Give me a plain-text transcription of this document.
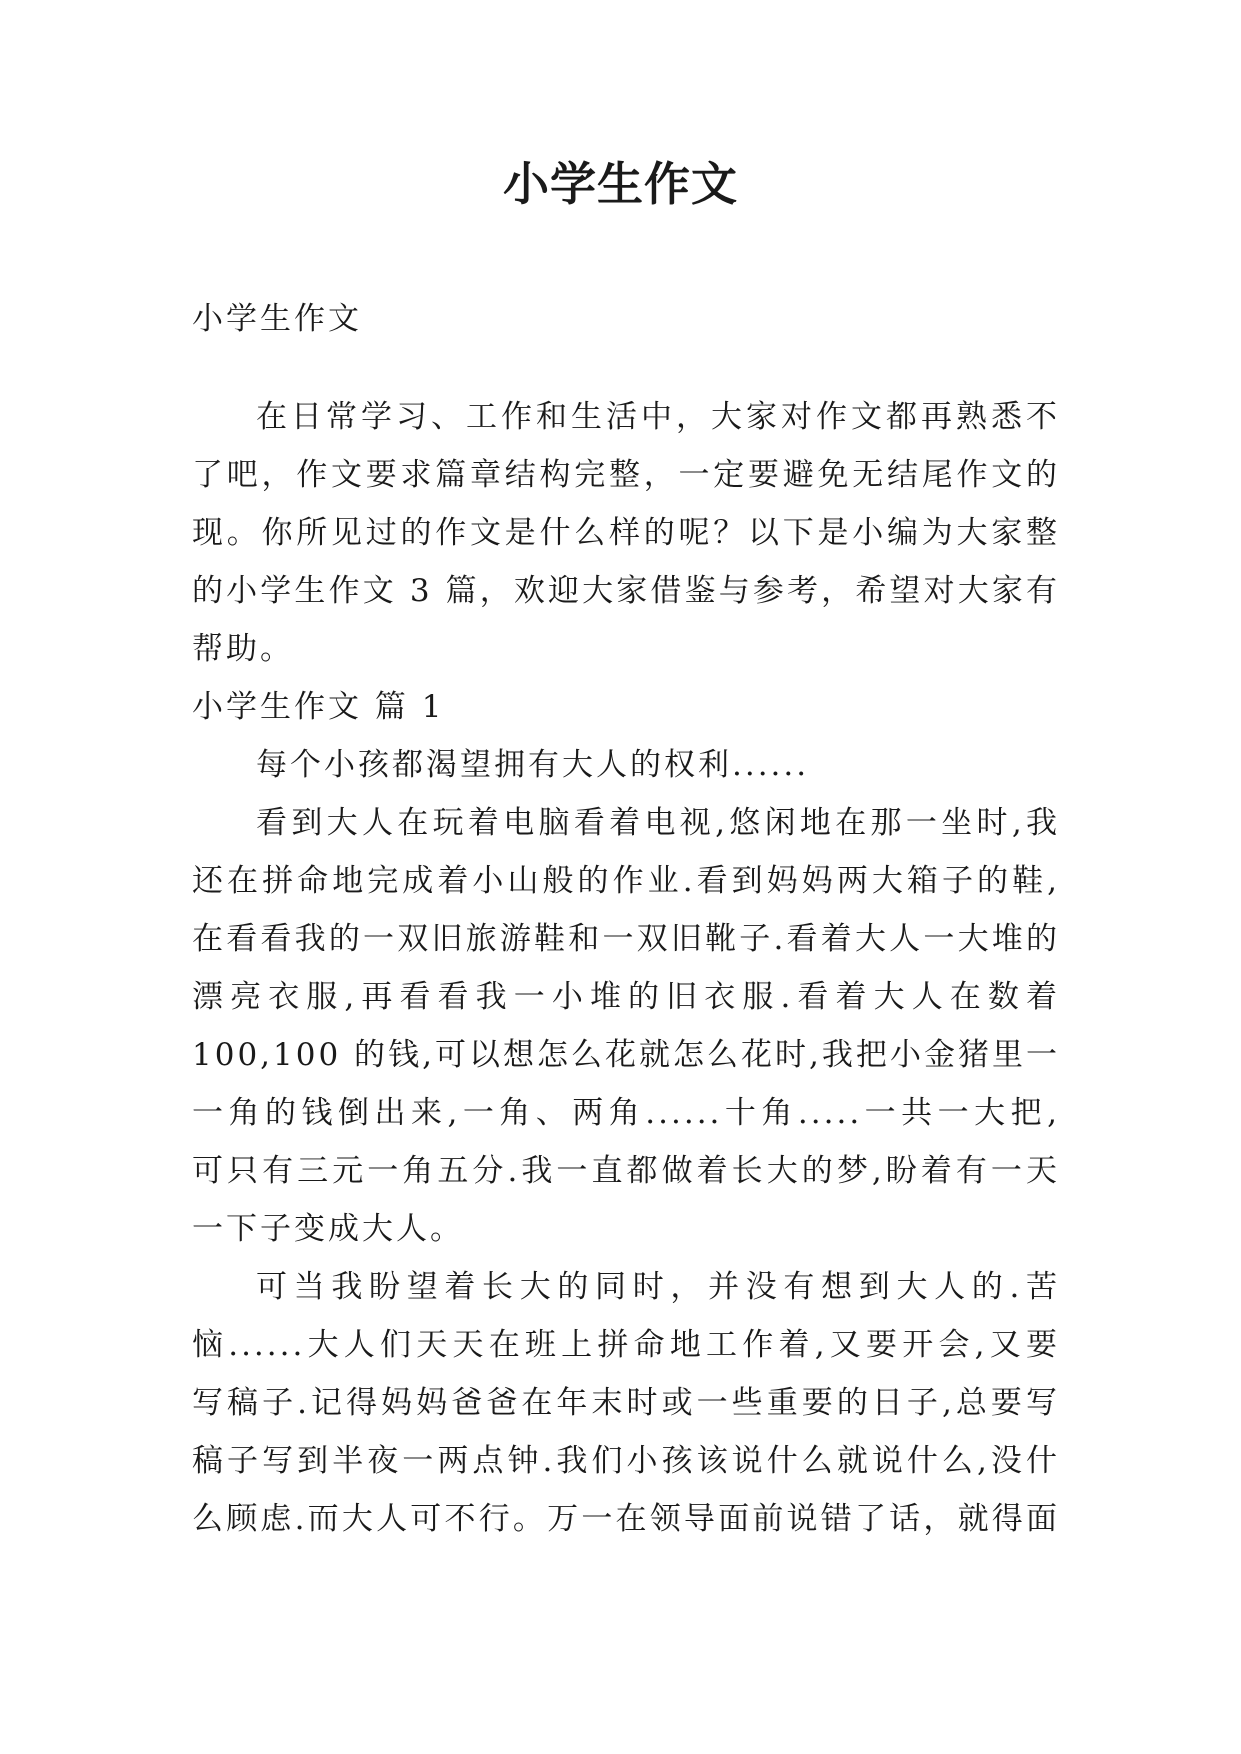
小学生作文
小学生作文
在日常学习、工作和生活中，大家对作文都再熟悉不
了吧，作文要求篇章结构完整，一定要避免无结尾作文的
现。你所见过的作文是什么样的呢？以下是小编为大家整
的小学生作文 3 篇，欢迎大家借鉴与参考，希望对大家有
帮助。
小学生作文 篇 1
每个小孩都渴望拥有大人的权利......
看到大人在玩着电脑看着电视,悠闲地在那一坐时,我
还在拼命地完成着小山般的作业.看到妈妈两大箱子的鞋,
在看看我的一双旧旅游鞋和一双旧靴子.看着大人一大堆的
漂亮衣服,再看看我一小堆的旧衣服.看着大人在数着
100,100 的钱,可以想怎么花就怎么花时,我把小金猪里一
一角的钱倒出来,一角、两角......十角.....一共一大把,
可只有三元一角五分.我一直都做着长大的梦,盼着有一天
一下子变成大人。
可当我盼望着长大的同时，并没有想到大人的.苦
恼......大人们天天在班上拼命地工作着,又要开会,又要
写稿子.记得妈妈爸爸在年末时或一些重要的日子,总要写
稿子写到半夜一两点钟.我们小孩该说什么就说什么,没什
么顾虑.而大人可不行。万一在领导面前说错了话，就得面
